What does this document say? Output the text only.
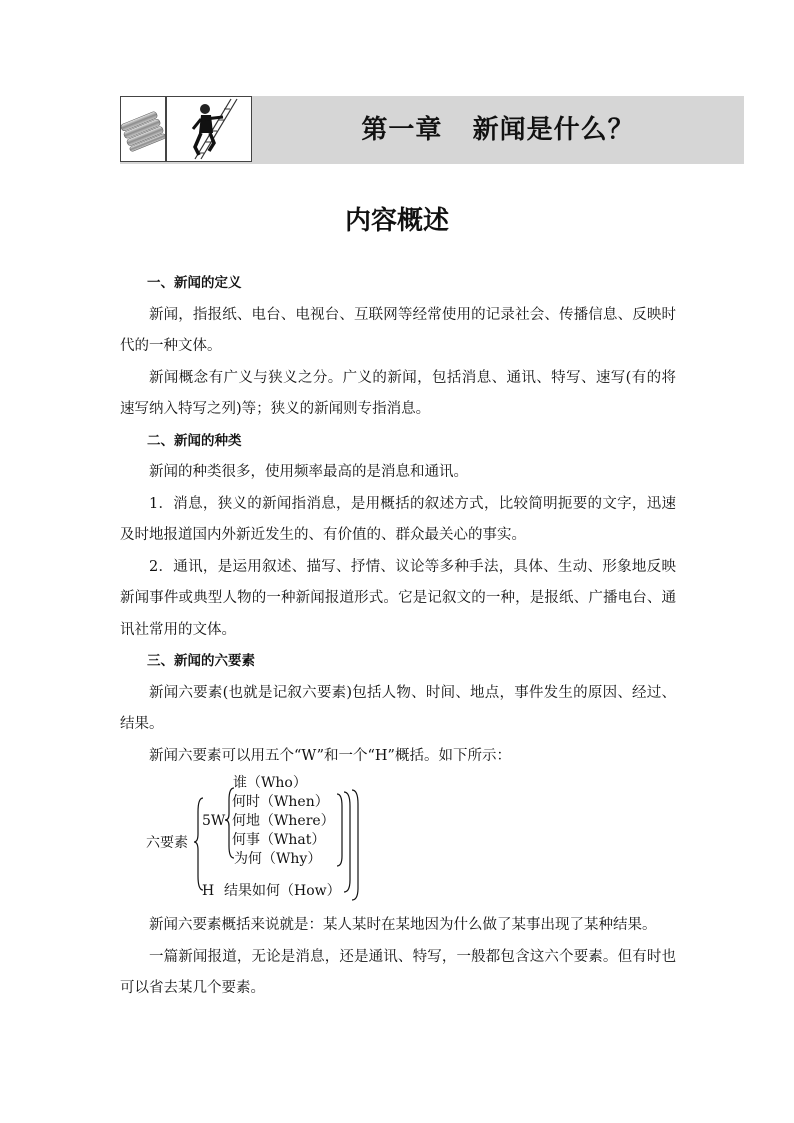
第一章   新闻是什么？
内容概述

一、新闻的定义

新闻，指报纸、电台、电视台、互联网等经常使用的记录社会、传播信息、反映时代的一种文体。

新闻概念有广义与狭义之分。广义的新闻，包括消息、通讯、特写、速写(有的将速写纳入特写之列)等；狭义的新闻则专指消息。

二、新闻的种类

新闻的种类很多，使用频率最高的是消息和通讯。

1．消息，狭义的新闻指消息，是用概括的叙述方式，比较简明扼要的文字，迅速及时地报道国内外新近发生的、有价值的、群众最关心的事实。

2．通讯，是运用叙述、描写、抒情、议论等多种手法，具体、生动、形象地反映新闻事件或典型人物的一种新闻报道形式。它是记叙文的一种，是报纸、广播电台、通讯社常用的文体。

三、新闻的六要素

新闻六要素(也就是记叙六要素)包括人物、时间、地点，事件发生的原因、经过、结果。

新闻六要素可以用五个“W”和一个“H”概括。如下所示：

六要素
5W
H
谁（Who）
何时（When）
何地（Where）
何事（What）
为何（Why）
结果如何（How）

新闻六要素概括来说就是：某人某时在某地因为什么做了某事出现了某种结果。

一篇新闻报道，无论是消息，还是通讯、特写，一般都包含这六个要素。但有时也可以省去某几个要素。
